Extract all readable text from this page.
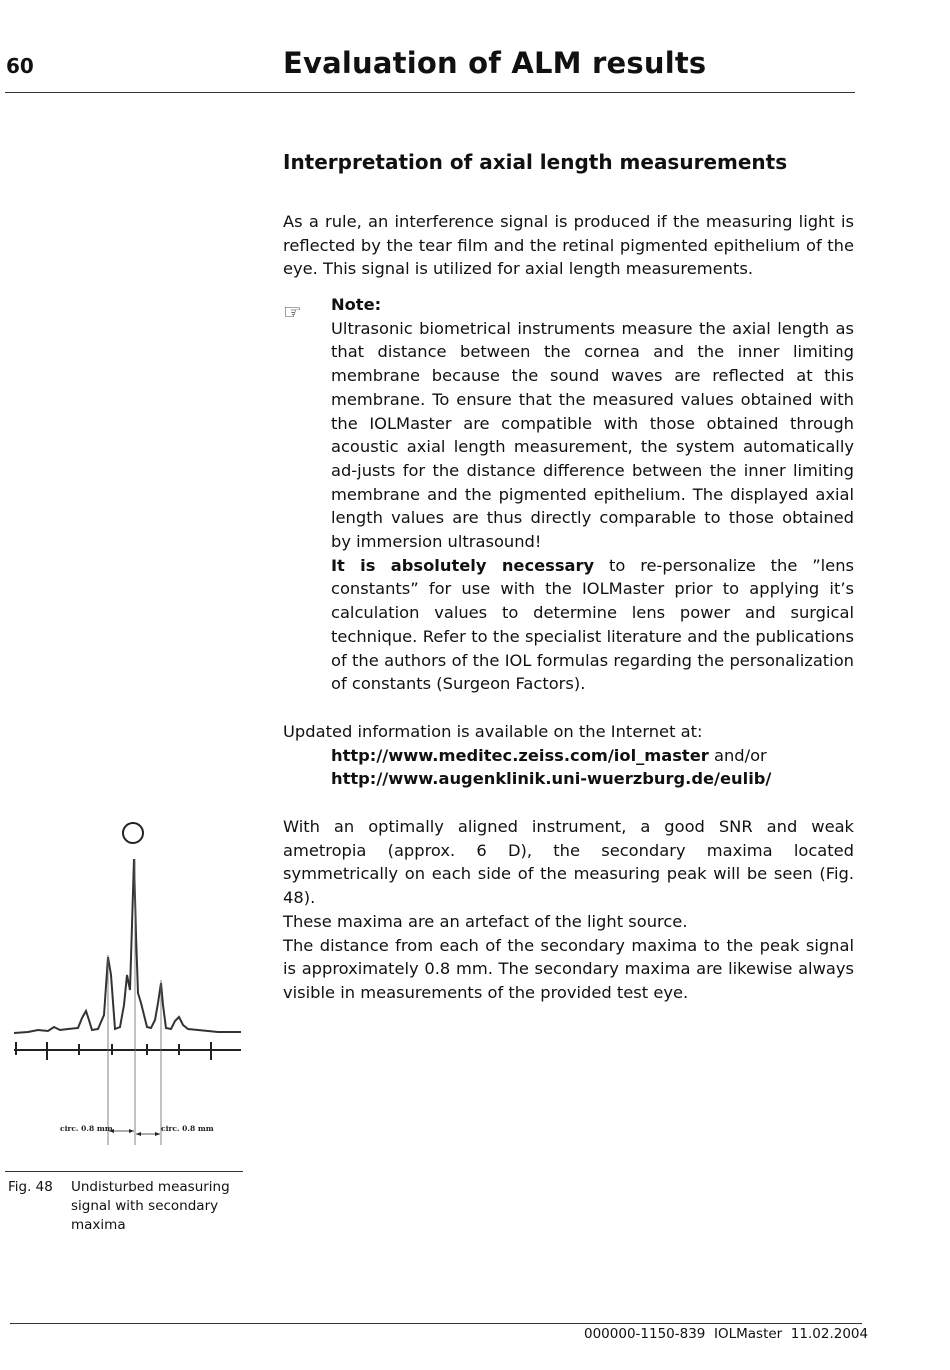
60	Evaluation of ALM results
Interpretation of axial length measurements
As a rule, an interference signal is produced if the measuring light is reflected by the tear film and the retinal pigmented epithelium of the eye. This signal is utilized for axial length measurements.
☞ Note:

Ultrasonic biometrical instruments measure the axial length as that distance between the cornea and the inner limiting membrane because the sound waves are reflected at this membrane. To ensure that the measured values obtained with the IOLMaster are compatible with those obtained through acoustic axial length measurement, the system automatically ad-justs for the distance difference between the inner limiting membrane and the pigmented epithelium. The displayed axial length values are thus directly comparable to those obtained by immersion ultrasound!

It is absolutely necessary to re-personalize the ”lens constants” for use with the IOLMaster prior to applying it’s calculation values to determine lens power and surgical technique. Refer to the specialist literature and the publications of the authors of the IOL formulas regarding the personalization of constants (Surgeon Factors).

Updated information is available on the Internet at:
http://www.meditec.zeiss.com/iol_master and/or
http://www.augenklinik.uni-wuerzburg.de/eulib/

With an optimally aligned instrument, a good SNR and weak ametropia (approx. 6 D), the secondary maxima located symmetrically on each side of the measuring peak will be seen (Fig. 48).

These maxima are an artefact of the light source.

The distance from each of the secondary maxima to the peak signal is approximately 0.8 mm. The secondary maxima are likewise always visible in measurements of the provided test eye.

circ. 0.8 mm	circ. 0.8 mm
Fig. 48 Undisturbed measuring signal with secondary maxima
000000-1150-839  IOLMaster  11.02.2004
